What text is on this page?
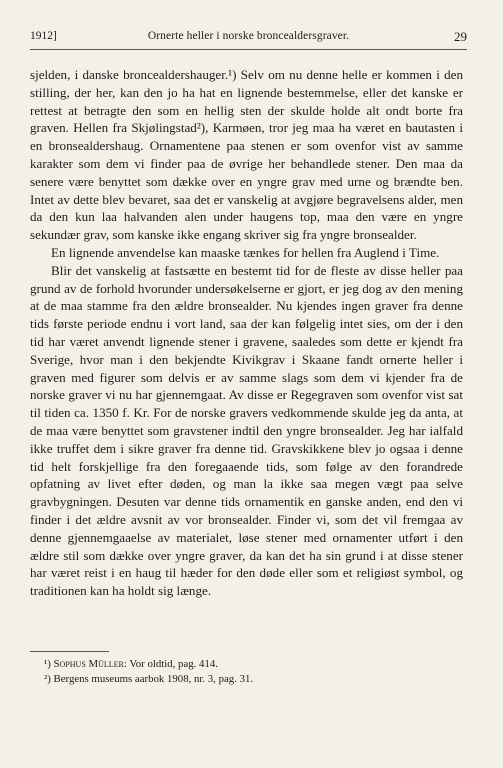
1912]	Ornerte heller i norske broncealdersgraver.	29

sjelden, i danske broncealdershauger.¹) Selv om nu denne helle er kommen i den stilling, der her, kan den jo ha hat en lignende bestemmelse, eller det kanske er rettest at betragte den som en hellig sten der skulde holde alt ondt borte fra graven. Hellen fra Skjølingstad²), Karmøen, tror jeg maa ha været en bautasten i en bronsealdershaug. Ornamentene paa stenen er som ovenfor vist av samme karakter som dem vi finder paa de øvrige her behandlede stener. Den maa da senere være benyttet som dække over en yngre grav med urne og brændte ben. Intet av dette blev bevaret, saa det er vanskelig at avgjøre begravelsens alder, men da den kun laa halvanden alen under haugens top, maa den være en yngre sekundær grav, som kanske ikke engang skriver sig fra yngre bronsealder.

En lignende anvendelse kan maaske tænkes for hellen fra Auglend i Time.

Blir det vanskelig at fastsætte en bestemt tid for de fleste av disse heller paa grund av de forhold hvorunder undersøkelserne er gjort, er jeg dog av den mening at de maa stamme fra den ældre bronsealder. Nu kjendes ingen graver fra denne tids første periode endnu i vort land, saa der kan følgelig intet sies, om der i den tid har været anvendt lignende stener i gravene, saaledes som dette er kjendt fra Sverige, hvor man i den bekjendte Kivikgrav i Skaane fandt ornerte heller i graven med figurer som delvis er av samme slags som dem vi kjender fra de norske graver vi nu har gjennemgaat. Av disse er Regegraven som ovenfor vist sat til tiden ca. 1350 f. Kr. For de norske gravers vedkommende skulde jeg da anta, at de maa være benyttet som gravstener indtil den yngre bronsealder. Jeg har ialfald ikke truffet dem i sikre graver fra denne tid. Gravskikkene blev jo ogsaa i denne tid helt forskjellige fra den foregaaende tids, som følge av den forandrede opfatning av livet efter døden, og man la ikke saa megen vægt paa selve gravbygningen. Desuten var denne tids ornamentik en ganske anden, end den vi finder i det ældre avsnit av vor bronsealder. Finder vi, som det vil fremgaa av denne gjennemgaaelse av materialet, løse stener med ornamenter utført i den ældre stil som dække over yngre graver, da kan det ha sin grund i at disse stener har været reist i en haug til hæder for den døde eller som et religiøst symbol, og traditionen kan ha holdt sig længe.

¹) Sophus Müller: Vor oldtid, pag. 414.
²) Bergens museums aarbok 1908, nr. 3, pag. 31.
